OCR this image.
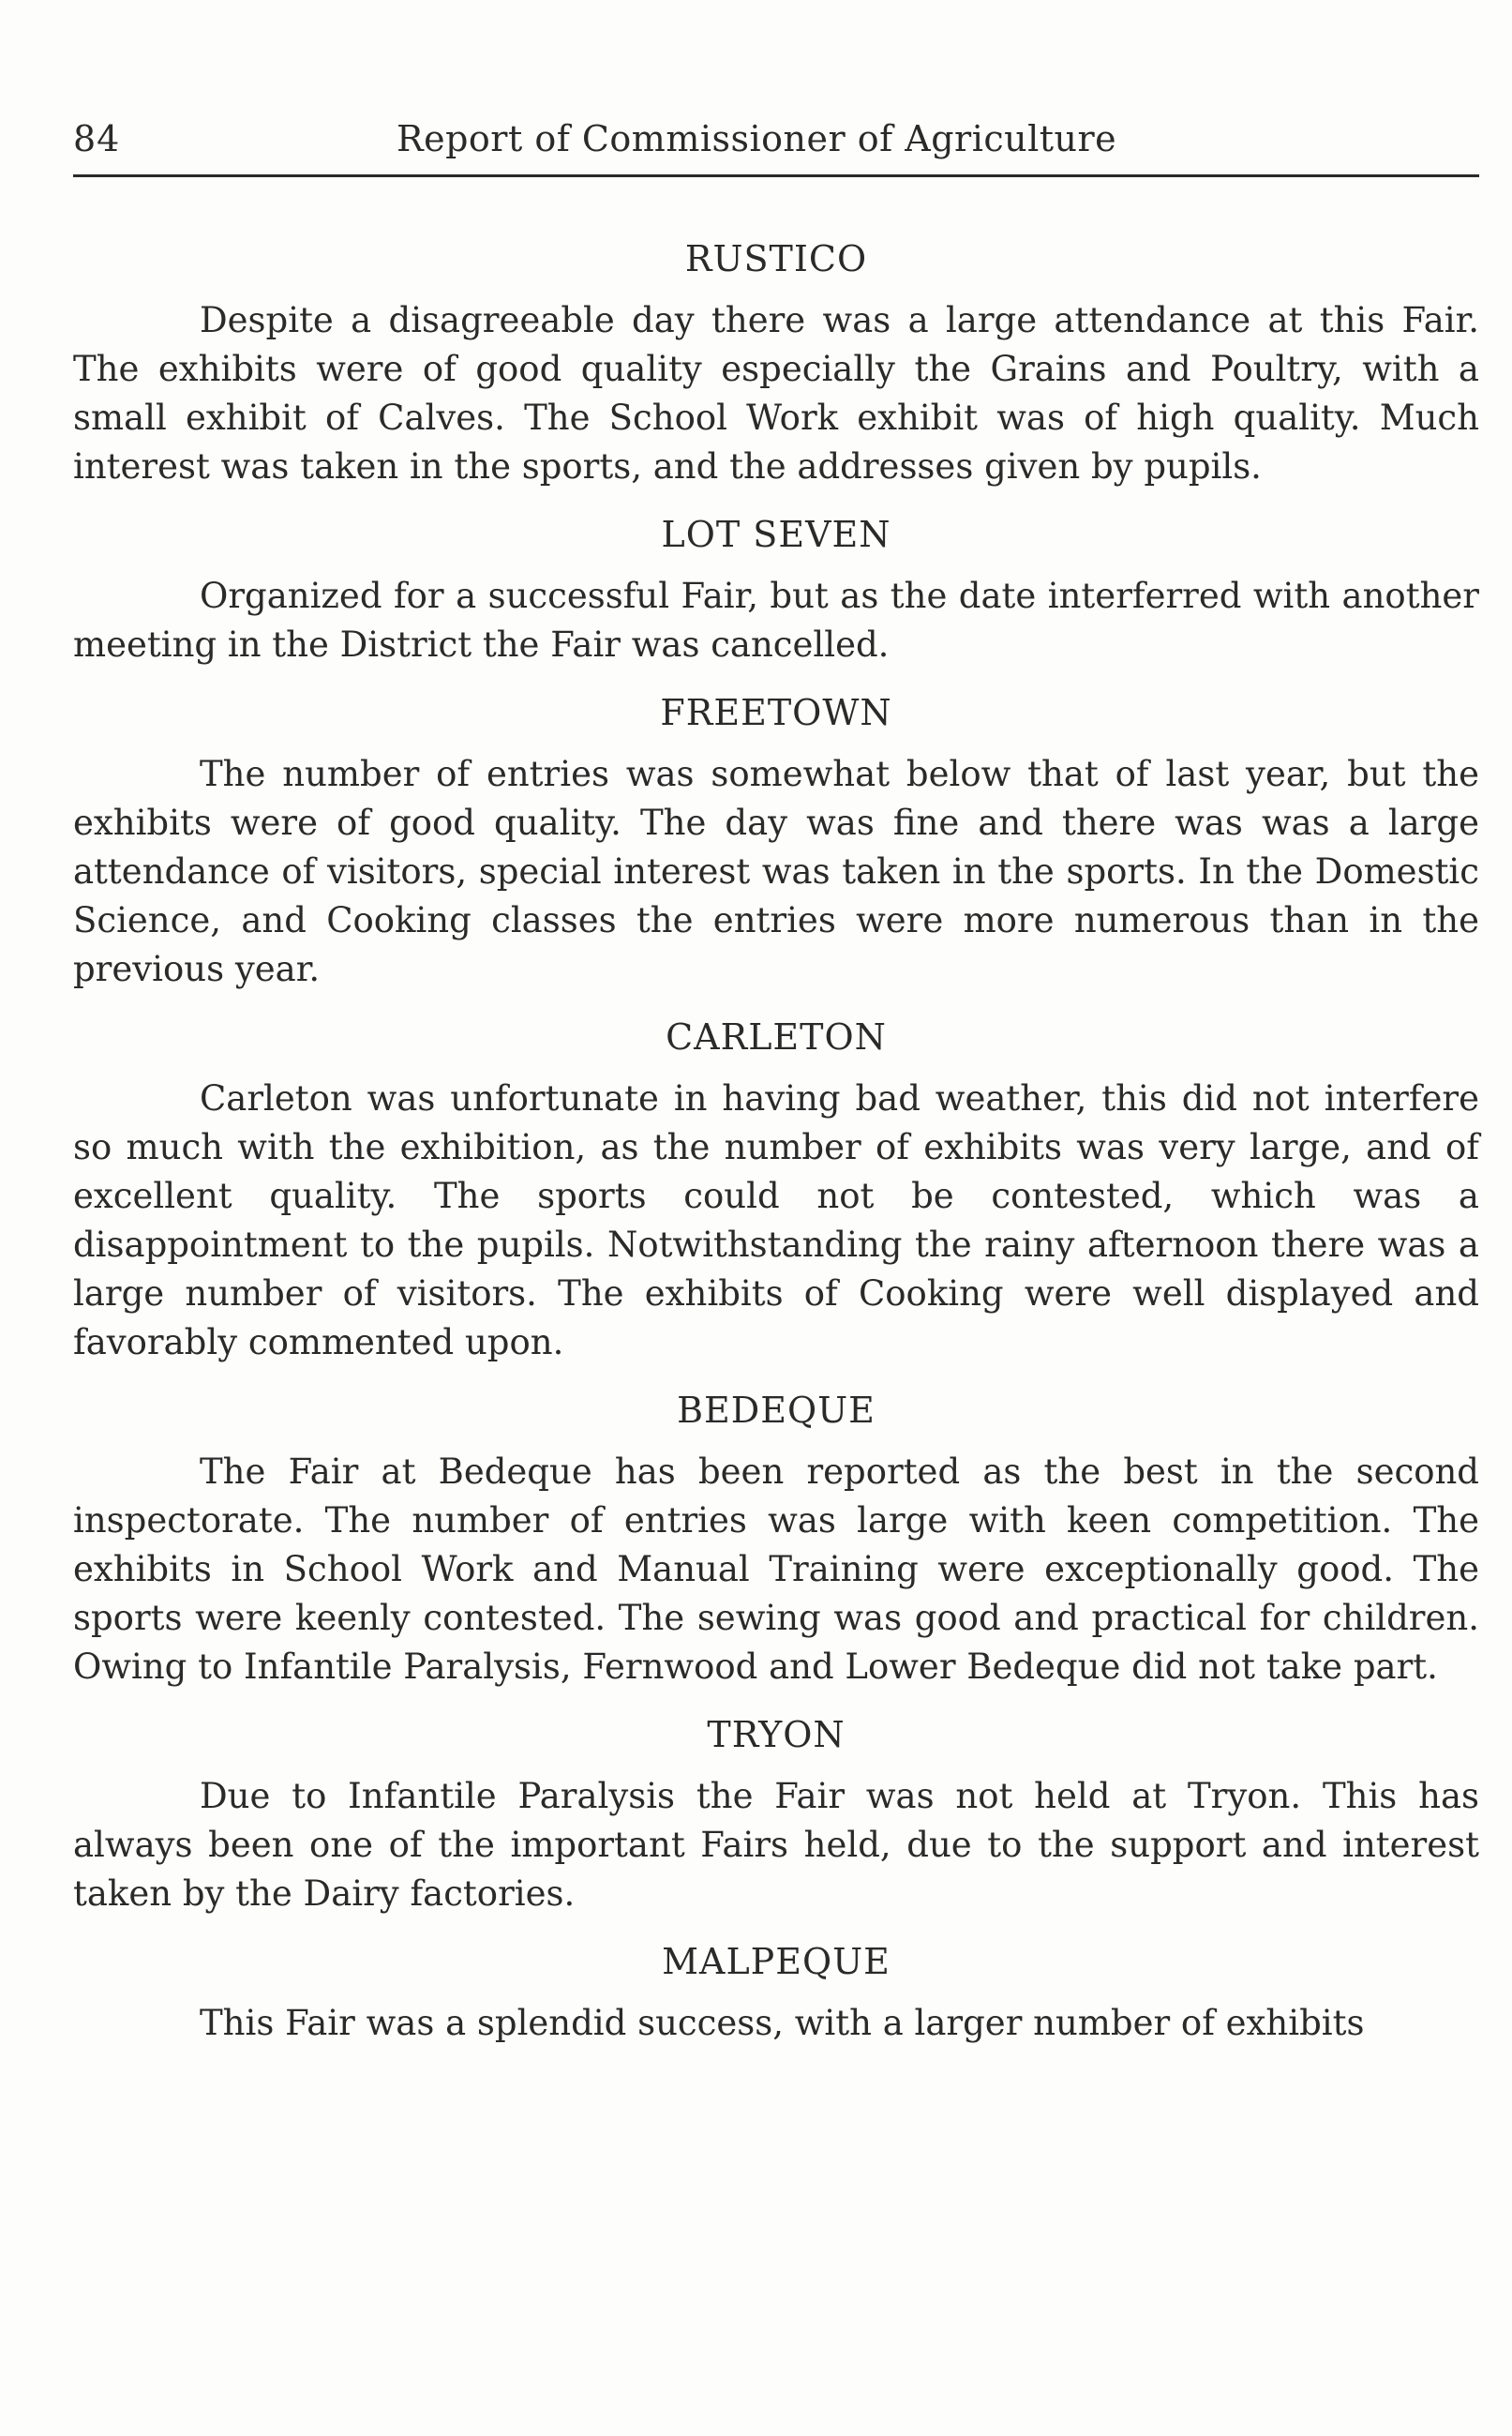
84	Report of Commissioner of Agriculture
RUSTICO

Despite a disagreeable day there was a large attendance at this Fair. The exhibits were of good quality especially the Grains and Poultry, with a small exhibit of Calves. The School Work exhibit was of high quality. Much interest was taken in the sports, and the addresses given by pupils.

LOT SEVEN

Organized for a successful Fair, but as the date interferred with another meeting in the District the Fair was cancelled.

FREETOWN

The number of entries was somewhat below that of last year, but the exhibits were of good quality. The day was fine and there was was a large attendance of visitors, special interest was taken in the sports. In the Domestic Science, and Cooking classes the entries were more numerous than in the previous year.

CARLETON

Carleton was unfortunate in having bad weather, this did not interfere so much with the exhibition, as the number of exhibits was very large, and of excellent quality. The sports could not be contested, which was a disappointment to the pupils. Notwithstanding the rainy afternoon there was a large number of visitors. The exhibits of Cooking were well displayed and favorably commented upon.

BEDEQUE

The Fair at Bedeque has been reported as the best in the second inspectorate. The number of entries was large with keen competition. The exhibits in School Work and Manual Training were exceptionally good. The sports were keenly contested. The sewing was good and practical for children. Owing to Infantile Paralysis, Fernwood and Lower Bedeque did not take part.

TRYON

Due to Infantile Paralysis the Fair was not held at Tryon. This has always been one of the important Fairs held, due to the support and interest taken by the Dairy factories.

MALPEQUE

This Fair was a splendid success, with a larger number of exhibits
